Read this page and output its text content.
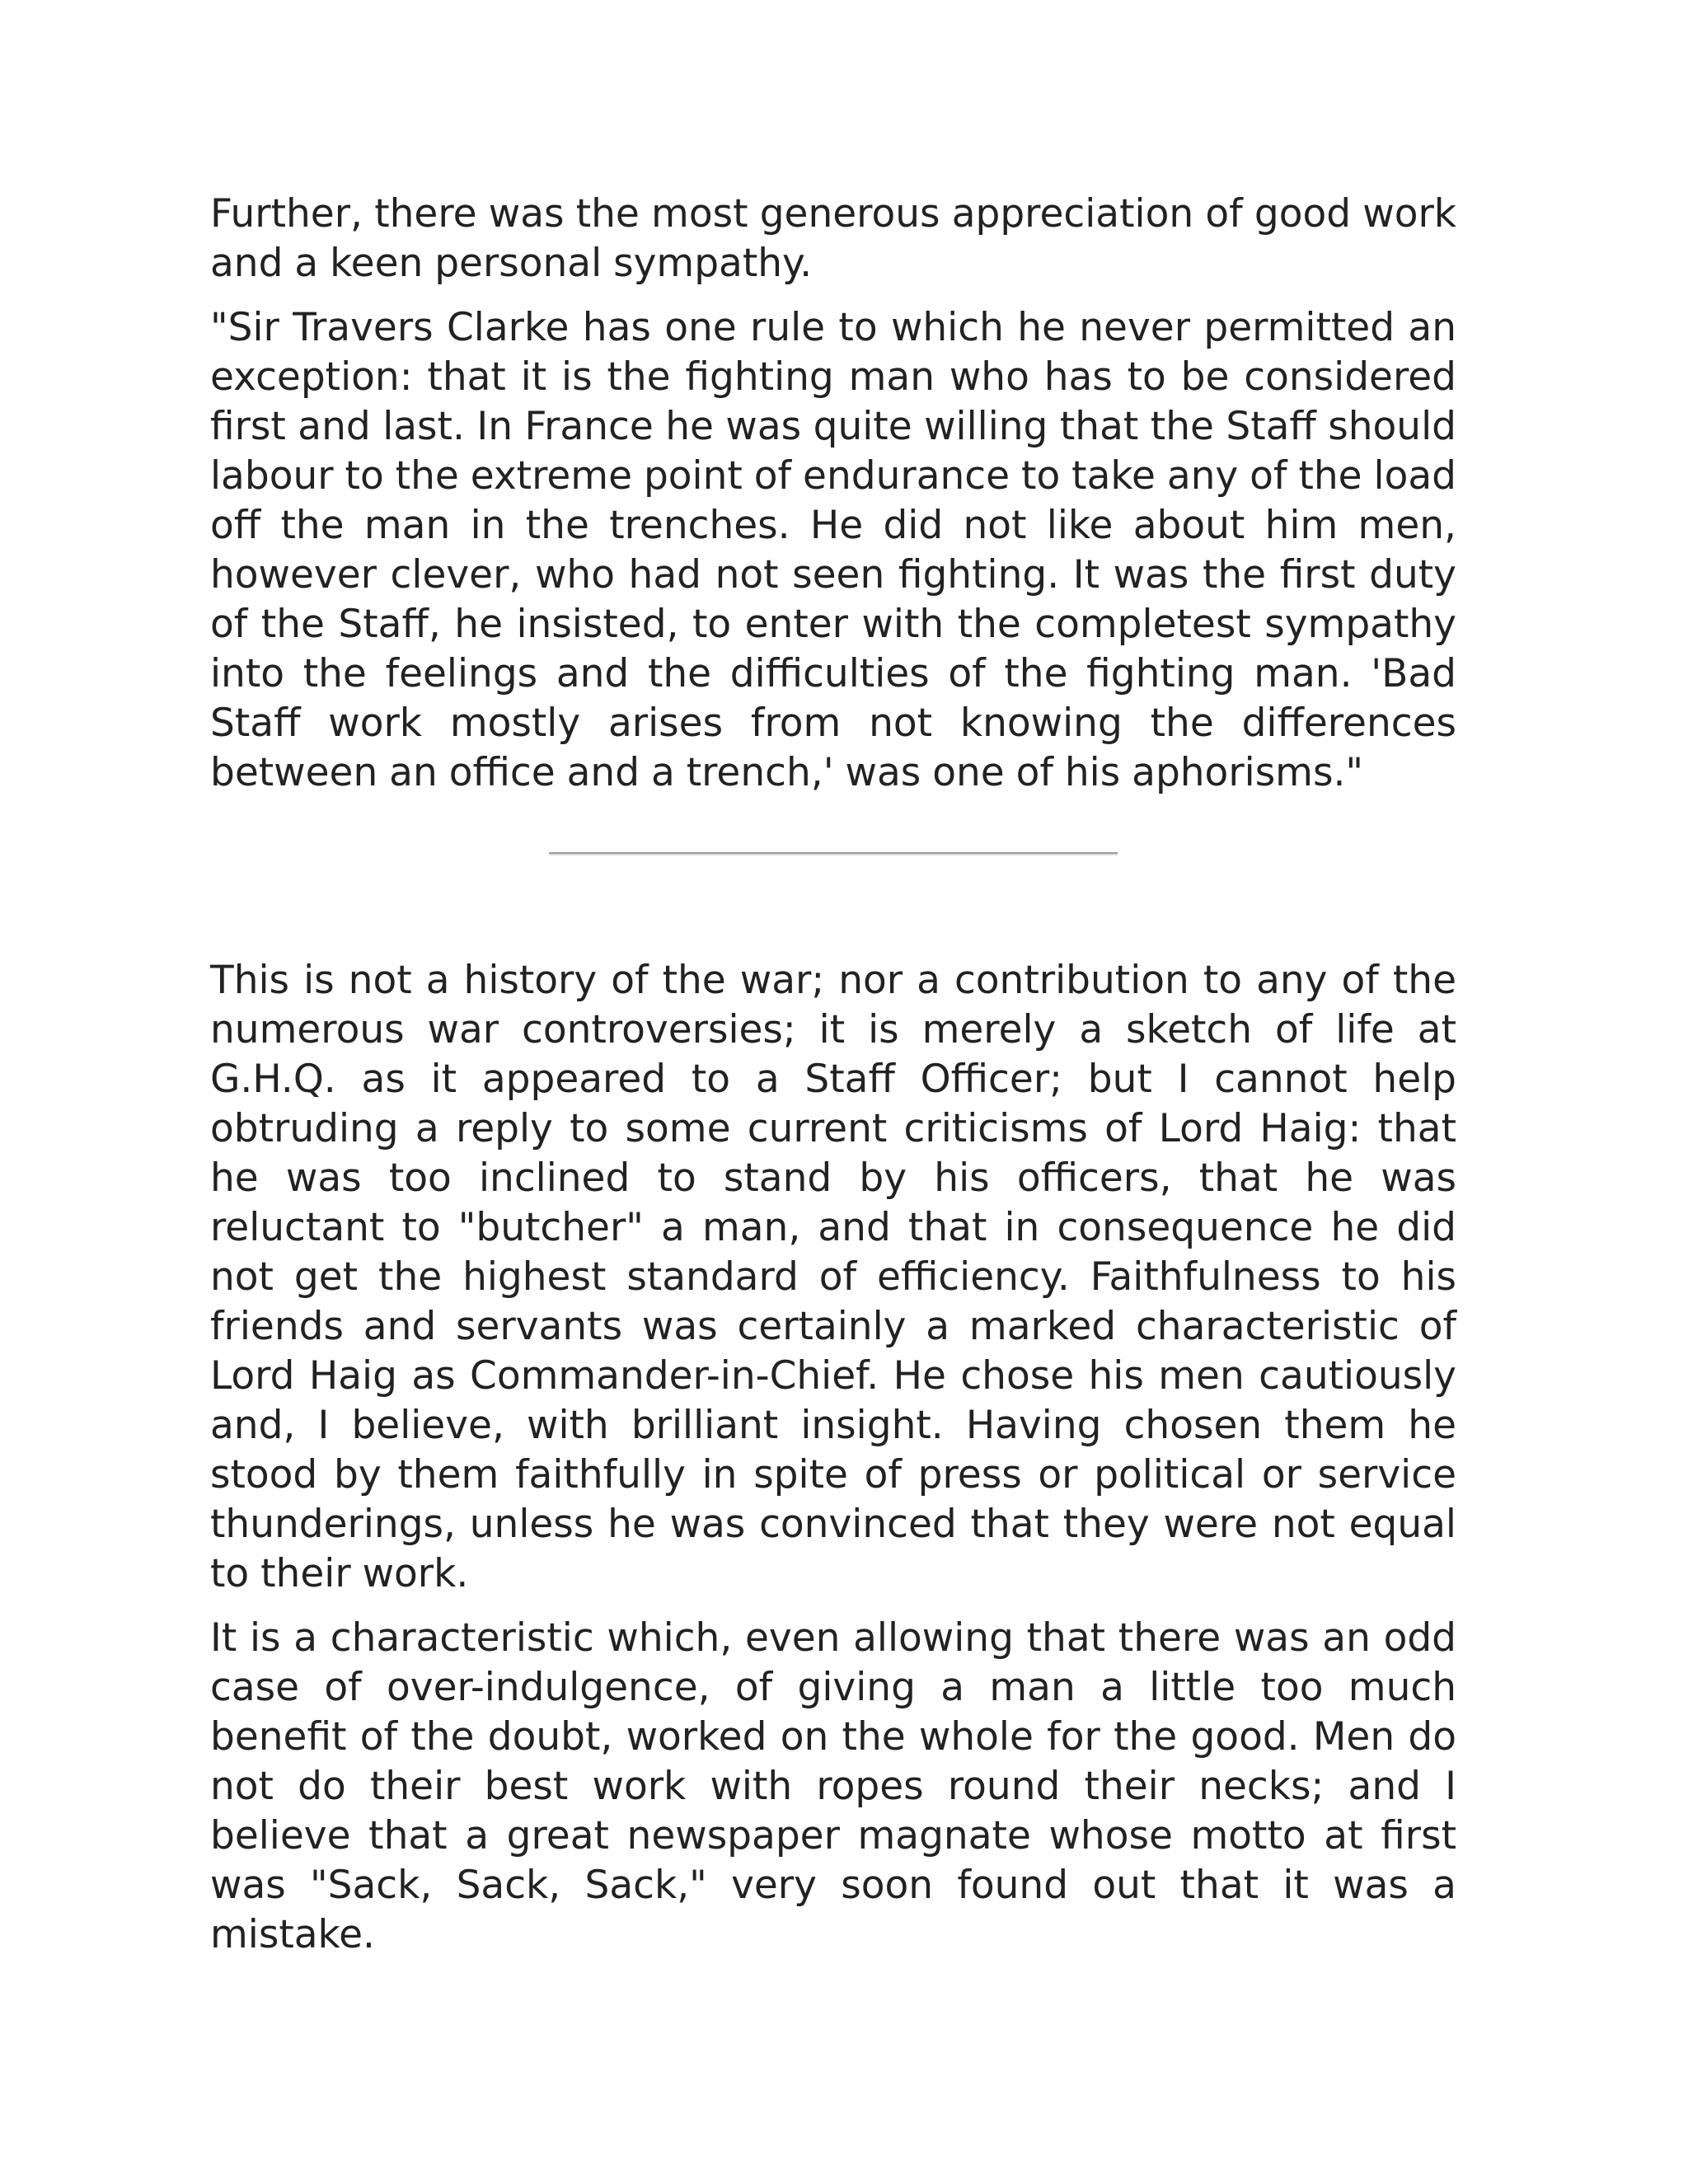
Further, there was the most generous appreciation of good work and a keen personal sympathy.

"Sir Travers Clarke has one rule to which he never permitted an exception: that it is the fighting man who has to be considered first and last. In France he was quite willing that the Staff should labour to the extreme point of endurance to take any of the load off the man in the trenches. He did not like about him men, however clever, who had not seen fighting. It was the first duty of the Staff, he insisted, to enter with the completest sympathy into the feelings and the difficulties of the fighting man. 'Bad Staff work mostly arises from not knowing the differences between an office and a trench,' was one of his aphorisms."

This is not a history of the war; nor a contribution to any of the numerous war controversies; it is merely a sketch of life at G.H.Q. as it appeared to a Staff Officer; but I cannot help obtruding a reply to some current criticisms of Lord Haig: that he was too inclined to stand by his officers, that he was reluctant to "butcher" a man, and that in consequence he did not get the highest standard of efficiency. Faithfulness to his friends and servants was certainly a marked characteristic of Lord Haig as Commander-in-Chief. He chose his men cautiously and, I believe, with brilliant insight. Having chosen them he stood by them faithfully in spite of press or political or service thunderings, unless he was convinced that they were not equal to their work.

It is a characteristic which, even allowing that there was an odd case of over-indulgence, of giving a man a little too much benefit of the doubt, worked on the whole for the good. Men do not do their best work with ropes round their necks; and I believe that a great newspaper magnate whose motto at first was "Sack, Sack, Sack," very soon found out that it was a mistake.
